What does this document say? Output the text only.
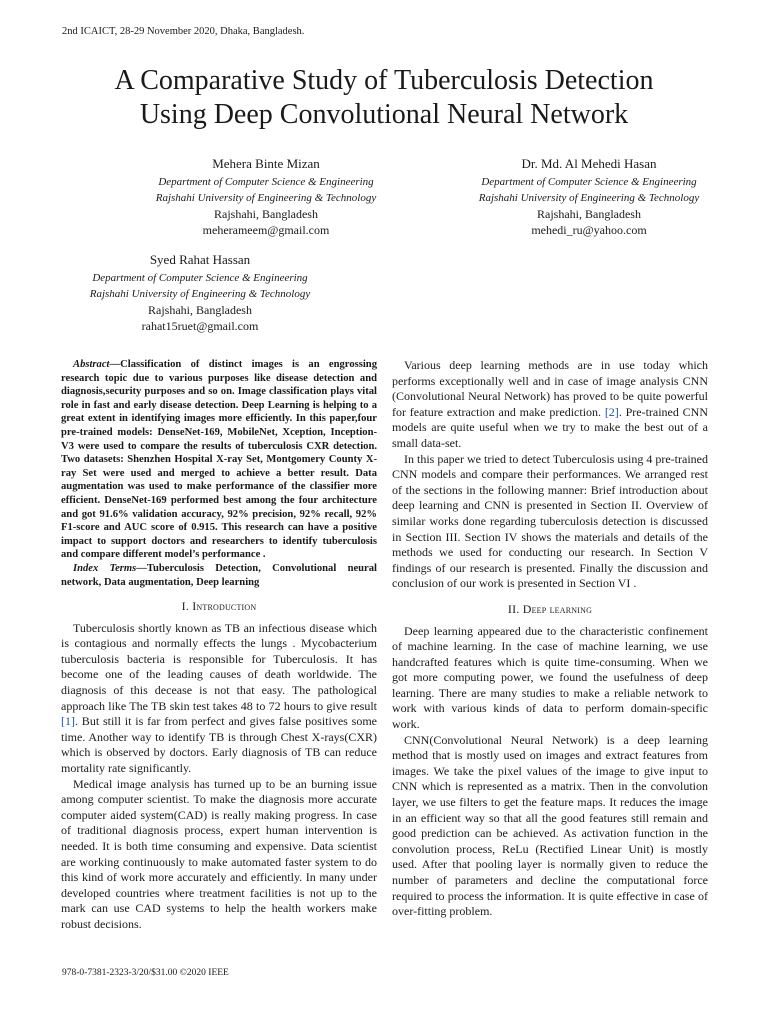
2nd ICAICT, 28-29 November 2020, Dhaka, Bangladesh.
A Comparative Study of Tuberculosis Detection
Using Deep Convolutional Neural Network
Mehera Binte Mizan
Department of Computer Science & Engineering
Rajshahi University of Engineering & Technology
Rajshahi, Bangladesh
meherameem@gmail.com
Dr. Md. Al Mehedi Hasan
Department of Computer Science & Engineering
Rajshahi University of Engineering & Technology
Rajshahi, Bangladesh
mehedi_ru@yahoo.com
Syed Rahat Hassan
Department of Computer Science & Engineering
Rajshahi University of Engineering & Technology
Rajshahi, Bangladesh
rahat15ruet@gmail.com

Abstract—Classification of distinct images is an engrossing research topic due to various purposes like disease detection and diagnosis,security purposes and so on. Image classification plays vital role in fast and early disease detection. Deep Learning is helping to a great extent in identifying images more efficiently. In this paper,four pre-trained models: DenseNet-169, MobileNet, Xception, Inception-V3 were used to compare the results of tuberculosis CXR detection. Two datasets: Shenzhen Hospital X-ray Set, Montgomery County X-ray Set were used and merged to achieve a better result. Data augmentation was used to make performance of the classifier more efficient. DenseNet-169 performed best among the four architecture and got 91.6% validation accuracy, 92% precision, 92% recall, 92% F1-score and AUC score of 0.915. This research can have a positive impact to support doctors and researchers to identify tuberculosis and compare different model’s performance .

Index Terms—Tuberculosis Detection, Convolutional neural network, Data augmentation, Deep learning

I. Introduction

Tuberculosis shortly known as TB an infectious disease which is contagious and normally effects the lungs . Mycobacterium tuberculosis bacteria is responsible for Tuberculosis. It has become one of the leading causes of death worldwide. The diagnosis of this decease is not that easy. The pathological approach like The TB skin test takes 48 to 72 hours to give result [1]. But still it is far from perfect and gives false positives some time. Another way to identify TB is through Chest X-rays(CXR) which is observed by doctors. Early diagnosis of TB can reduce mortality rate significantly.

Medical image analysis has turned up to be an burning issue among computer scientist. To make the diagnosis more accurate computer aided system(CAD) is really making progress. In case of traditional diagnosis process, expert human intervention is needed. It is both time consuming and expensive. Data scientist are working continuously to make automated faster system to do this kind of work more accurately and efficiently. In many under developed countries where treatment facilities is not up to the mark can use CAD systems to help the health workers make robust decisions.

Various deep learning methods are in use today which performs exceptionally well and in case of image analysis CNN (Convolutional Neural Network) has proved to be quite powerful for feature extraction and make prediction. [2]. Pre-trained CNN models are quite useful when we try to make the best out of a small data-set.

In this paper we tried to detect Tuberculosis using 4 pre-trained CNN models and compare their performances. We arranged rest of the sections in the following manner: Brief introduction about deep learning and CNN is presented in Section II. Overview of similar works done regarding tuberculosis detection is discussed in Section III. Section IV shows the materials and details of the methods we used for conducting our research. In Section V findings of our research is presented. Finally the discussion and conclusion of our work is presented in Section VI .

II. Deep learning

Deep learning appeared due to the characteristic confinement of machine learning. In the case of machine learning, we use handcrafted features which is quite time-consuming. When we got more computing power, we found the usefulness of deep learning. There are many studies to make a reliable network to work with various kinds of data to perform domain-specific work.

CNN(Convolutional Neural Network) is a deep learning method that is mostly used on images and extract features from images. We take the pixel values of the image to give input to CNN which is represented as a matrix. Then in the convolution layer, we use filters to get the feature maps. It reduces the image in an efficient way so that all the good features still remain and good prediction can be achieved. As activation function in the convolution process, ReLu (Rectified Linear Unit) is mostly used. After that pooling layer is normally given to reduce the number of parameters and decline the computational force required to process the information. It is quite effective in case of over-fitting problem.

978-0-7381-2323-3/20/$31.00 ©2020 IEEE
